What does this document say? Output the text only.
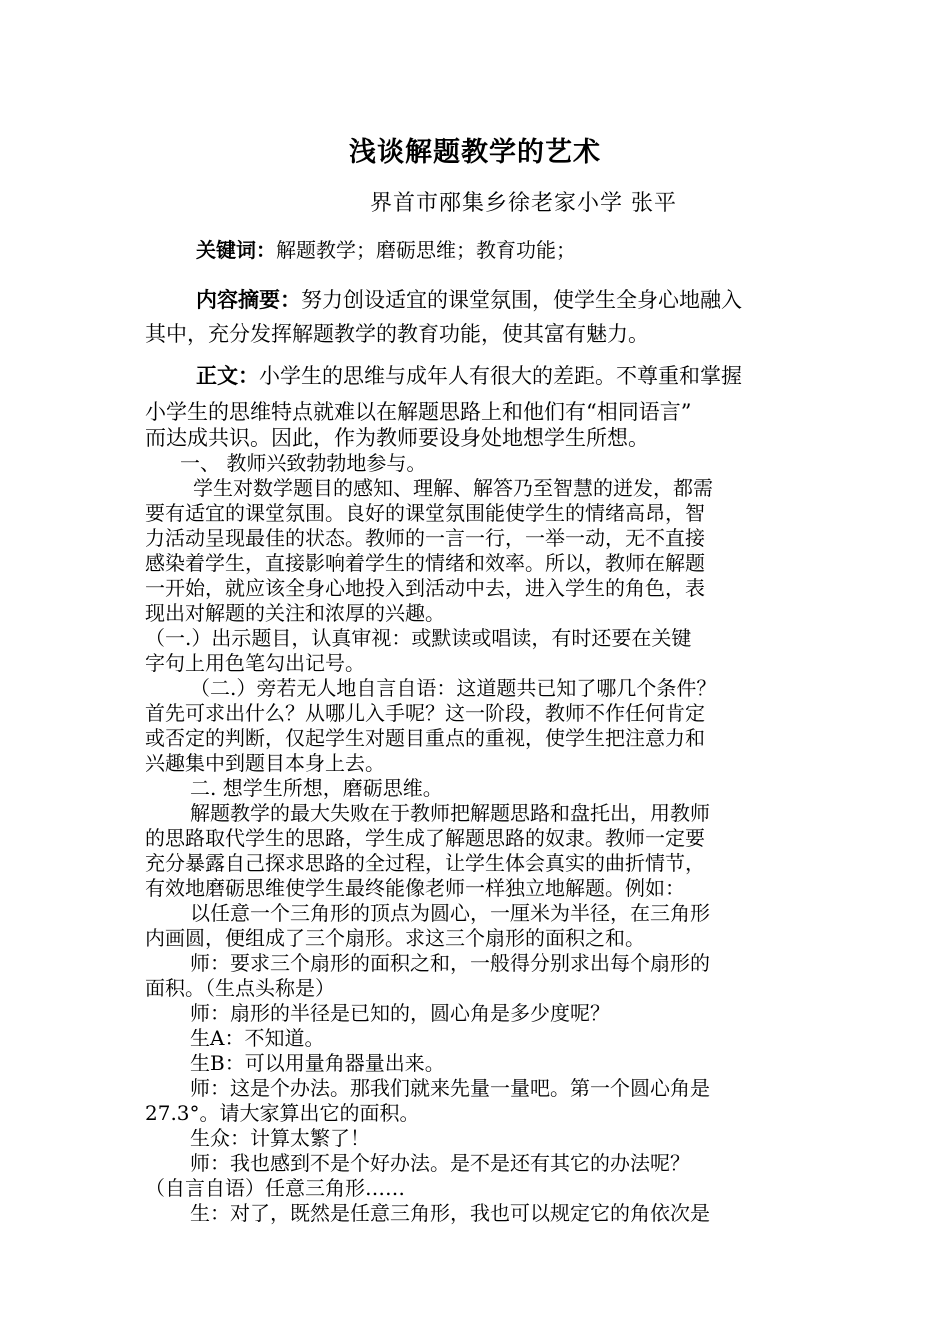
浅谈解题教学的艺术
界首市邴集乡徐老家小学 张平
关键词：解题教学；磨砺思维；教育功能；
内容摘要：努力创设适宜的课堂氛围，使学生全身心地融入
其中，充分发挥解题教学的教育功能，使其富有魅力。
正文：小学生的思维与成年人有很大的差距。不尊重和掌握
小学生的思维特点就难以在解题思路上和他们有“相同语言”
而达成共识。因此，作为教师要设身处地想学生所想。
一、 教师兴致勃勃地参与。
学生对数学题目的感知、理解、解答乃至智慧的迸发，都需
要有适宜的课堂氛围。良好的课堂氛围能使学生的情绪高昂，智
力活动呈现最佳的状态。教师的一言一行，一举一动，无不直接
感染着学生，直接影响着学生的情绪和效率。所以，教师在解题
一开始，就应该全身心地投入到活动中去，进入学生的角色，表
现出对解题的关注和浓厚的兴趣。
（一.）出示题目，认真审视：或默读或唱读，有时还要在关键
字句上用色笔勾出记号。
（二.）旁若无人地自言自语：这道题共已知了哪几个条件？
首先可求出什么？从哪儿入手呢？这一阶段，教师不作任何肯定
或否定的判断，仅起学生对题目重点的重视，使学生把注意力和
兴趣集中到题目本身上去。
二. 想学生所想，磨砺思维。
解题教学的最大失败在于教师把解题思路和盘托出，用教师
的思路取代学生的思路，学生成了解题思路的奴隶。教师一定要
充分暴露自己探求思路的全过程，让学生体会真实的曲折情节，
有效地磨砺思维使学生最终能像老师一样独立地解题。例如：
以任意一个三角形的顶点为圆心，一厘米为半径，在三角形
内画圆，便组成了三个扇形。求这三个扇形的面积之和。
师：要求三个扇形的面积之和，一般得分别求出每个扇形的
面积。（生点头称是）
师：扇形的半径是已知的，圆心角是多少度呢？
生A：不知道。
生B：可以用量角器量出来。
师：这是个办法。那我们就来先量一量吧。第一个圆心角是
27.3°。请大家算出它的面积。
生众：计算太繁了！
师：我也感到不是个好办法。是不是还有其它的办法呢？
（自言自语）任意三角形……
生：对了，既然是任意三角形，我也可以规定它的角依次是
